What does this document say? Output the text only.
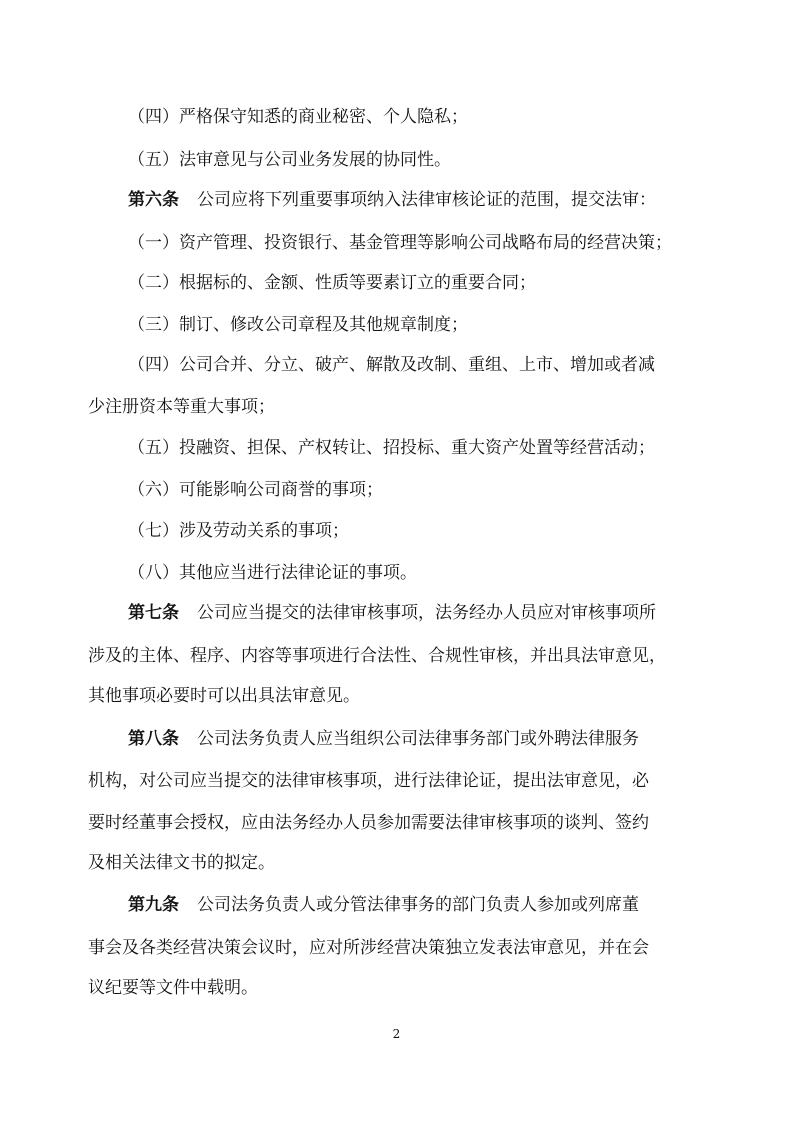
（四）严格保守知悉的商业秘密、个人隐私；
（五）法审意见与公司业务发展的协同性。
第六条 公司应将下列重要事项纳入法律审核论证的范围，提交法审：
（一）资产管理、投资银行、基金管理等影响公司战略布局的经营决策；
（二）根据标的、金额、性质等要素订立的重要合同；
（三）制订、修改公司章程及其他规章制度；
（四）公司合并、分立、破产、解散及改制、重组、上市、增加或者减
少注册资本等重大事项；
（五）投融资、担保、产权转让、招投标、重大资产处置等经营活动；
（六）可能影响公司商誉的事项；
（七）涉及劳动关系的事项；
（八）其他应当进行法律论证的事项。
第七条 公司应当提交的法律审核事项，法务经办人员应对审核事项所
涉及的主体、程序、内容等事项进行合法性、合规性审核，并出具法审意见，
其他事项必要时可以出具法审意见。
第八条 公司法务负责人应当组织公司法律事务部门或外聘法律服务
机构，对公司应当提交的法律审核事项，进行法律论证，提出法审意见，必
要时经董事会授权，应由法务经办人员参加需要法律审核事项的谈判、签约
及相关法律文书的拟定。
第九条 公司法务负责人或分管法律事务的部门负责人参加或列席董
事会及各类经营决策会议时，应对所涉经营决策独立发表法审意见，并在会
议纪要等文件中载明。
2
